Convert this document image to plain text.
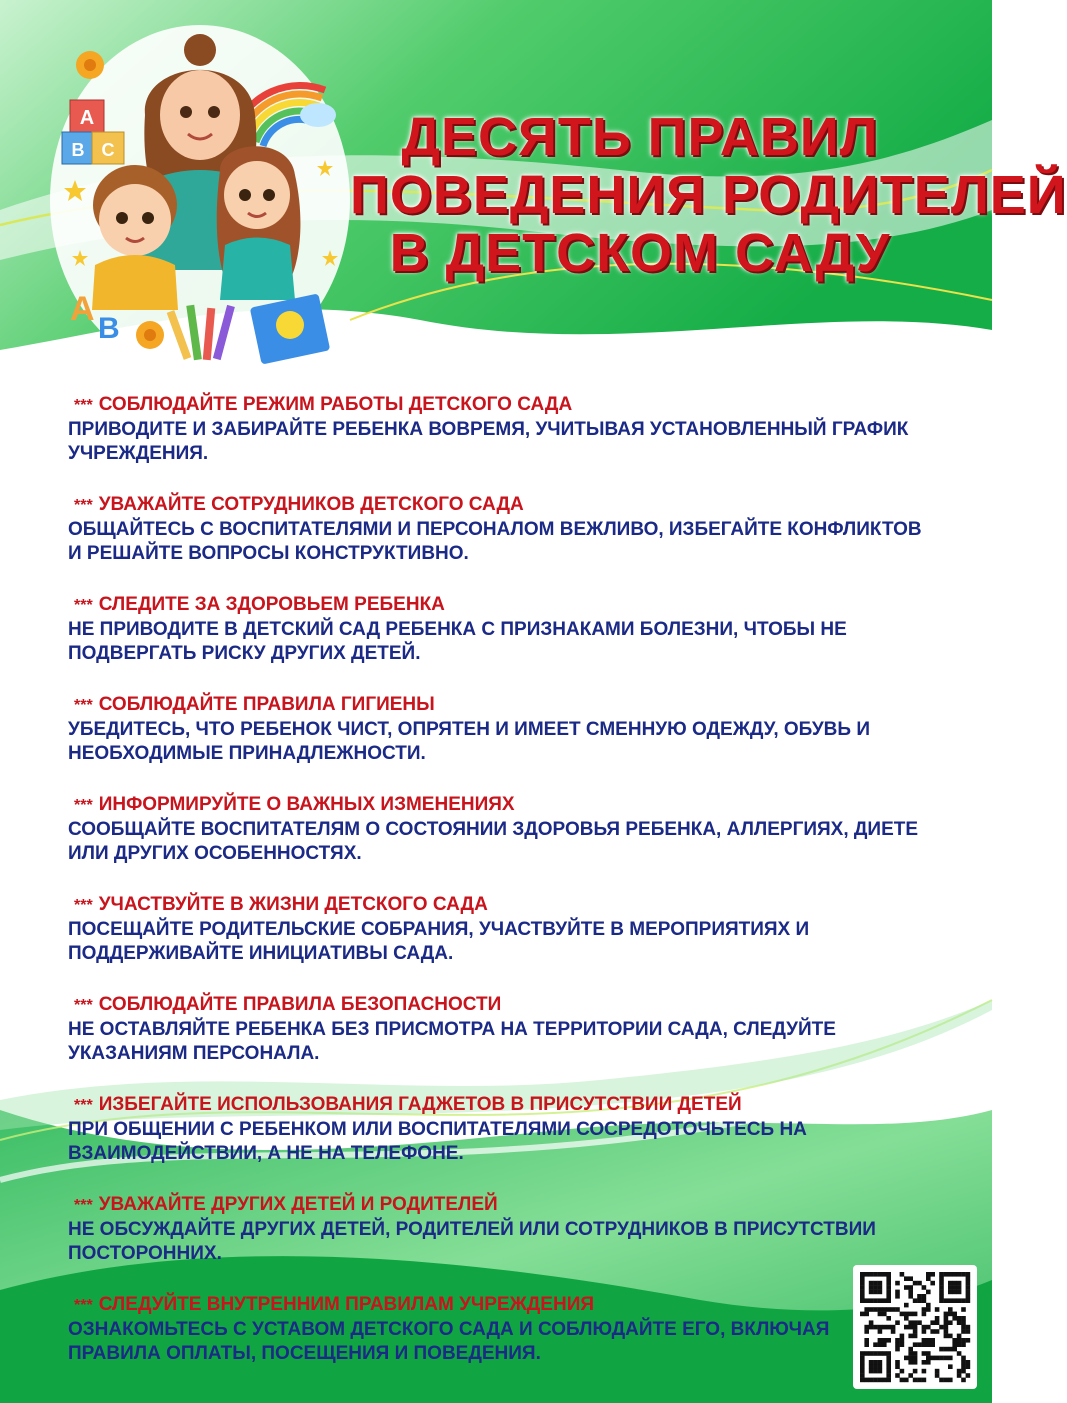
A
B C
A
B
ДЕСЯТЬ ПРАВИЛ
ПОВЕДЕНИЯ РОДИТЕЛЕЙ
В ДЕТСКОМ САДУ
*** СОБЛЮДАЙТЕ РЕЖИМ РАБОТЫ ДЕТСКОГО САДА
ПРИВОДИТЕ И ЗАБИРАЙТЕ РЕБЕНКА ВОВРЕМЯ, УЧИТЫВАЯ УСТАНОВЛЕННЫЙ ГРАФИК УЧРЕЖДЕНИЯ.
*** УВАЖАЙТЕ СОТРУДНИКОВ ДЕТСКОГО САДА
ОБЩАЙТЕСЬ С ВОСПИТАТЕЛЯМИ И ПЕРСОНАЛОМ ВЕЖЛИВО, ИЗБЕГАЙТЕ КОНФЛИКТОВ И РЕШАЙТЕ ВОПРОСЫ КОНСТРУКТИВНО.
*** СЛЕДИТЕ ЗА ЗДОРОВЬЕМ РЕБЕНКА
НЕ ПРИВОДИТЕ В ДЕТСКИЙ САД РЕБЕНКА С ПРИЗНАКАМИ БОЛЕЗНИ, ЧТОБЫ НЕ ПОДВЕРГАТЬ РИСКУ ДРУГИХ ДЕТЕЙ.
*** СОБЛЮДАЙТЕ ПРАВИЛА ГИГИЕНЫ
УБЕДИТЕСЬ, ЧТО РЕБЕНОК ЧИСТ, ОПРЯТЕН И ИМЕЕТ СМЕННУЮ ОДЕЖДУ, ОБУВЬ И НЕОБХОДИМЫЕ ПРИНАДЛЕЖНОСТИ.
*** ИНФОРМИРУЙТЕ О ВАЖНЫХ ИЗМЕНЕНИЯХ
СООБЩАЙТЕ ВОСПИТАТЕЛЯМ О СОСТОЯНИИ ЗДОРОВЬЯ РЕБЕНКА, АЛЛЕРГИЯХ, ДИЕТЕ ИЛИ ДРУГИХ ОСОБЕННОСТЯХ.
*** УЧАСТВУЙТЕ В ЖИЗНИ ДЕТСКОГО САДА
ПОСЕЩАЙТЕ РОДИТЕЛЬСКИЕ СОБРАНИЯ, УЧАСТВУЙТЕ В МЕРОПРИЯТИЯХ И ПОДДЕРЖИВАЙТЕ ИНИЦИАТИВЫ САДА.
*** СОБЛЮДАЙТЕ ПРАВИЛА БЕЗОПАСНОСТИ
НЕ ОСТАВЛЯЙТЕ РЕБЕНКА БЕЗ ПРИСМОТРА НА ТЕРРИТОРИИ САДА, СЛЕДУЙТЕ УКАЗАНИЯМ ПЕРСОНАЛА.
*** ИЗБЕГАЙТЕ ИСПОЛЬЗОВАНИЯ ГАДЖЕТОВ В ПРИСУТСТВИИ ДЕТЕЙ
ПРИ ОБЩЕНИИ С РЕБЕНКОМ ИЛИ ВОСПИТАТЕЛЯМИ СОСРЕДОТОЧЬТЕСЬ НА ВЗАИМОДЕЙСТВИИ, А НЕ НА ТЕЛЕФОНЕ.
*** УВАЖАЙТЕ ДРУГИХ ДЕТЕЙ И РОДИТЕЛЕЙ
НЕ ОБСУЖДАЙТЕ ДРУГИХ ДЕТЕЙ, РОДИТЕЛЕЙ ИЛИ СОТРУДНИКОВ В ПРИСУТСТВИИ ПОСТОРОННИХ.
*** СЛЕДУЙТЕ ВНУТРЕННИМ ПРАВИЛАМ УЧРЕЖДЕНИЯ
ОЗНАКОМЬТЕСЬ С УСТАВОМ ДЕТСКОГО САДА И СОБЛЮДАЙТЕ ЕГО, ВКЛЮЧАЯ ПРАВИЛА ОПЛАТЫ, ПОСЕЩЕНИЯ И ПОВЕДЕНИЯ.
